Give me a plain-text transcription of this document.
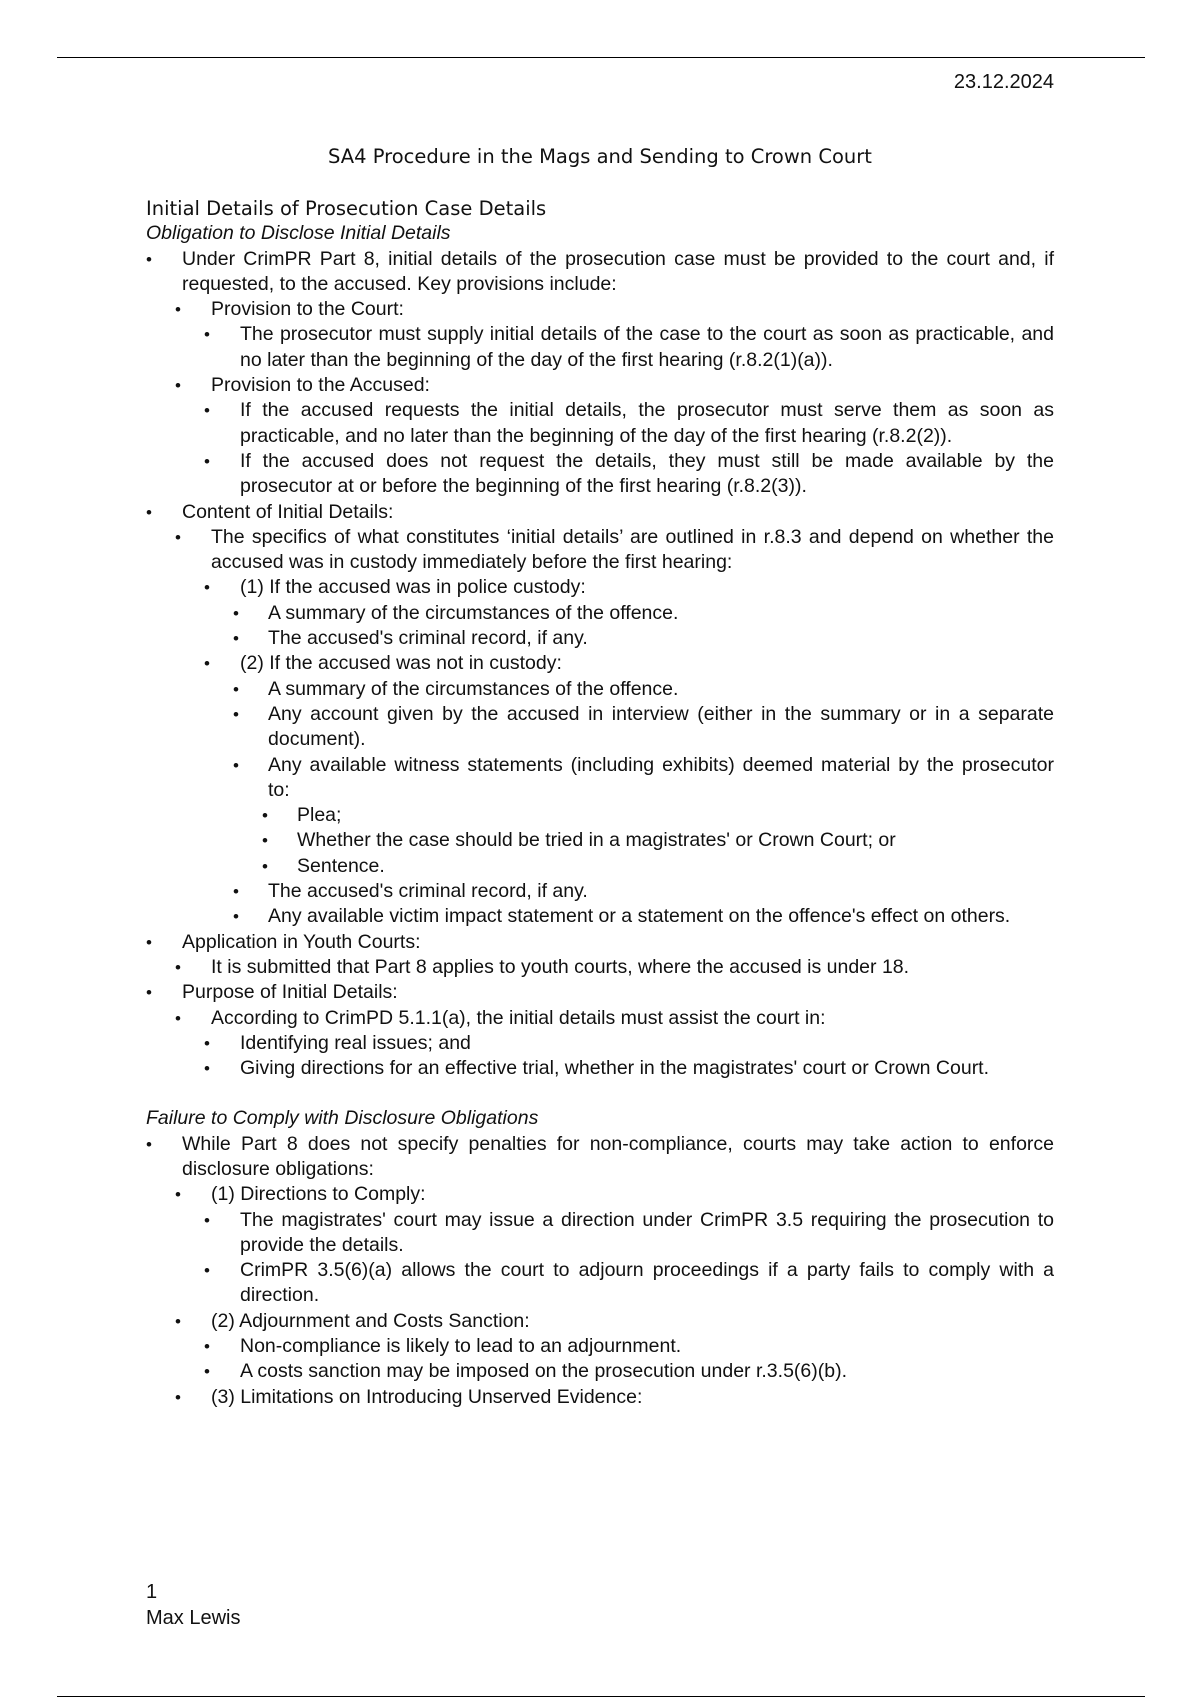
23.12.2024
SA4 Procedure in the Mags and Sending to Crown Court
Initial Details of Prosecution Case Details
Obligation to Disclose Initial Details
• Under CrimPR Part 8, initial details of the prosecution case must be provided to the court and, if requested, to the accused. Key provisions include:
• Provision to the Court:
• The prosecutor must supply initial details of the case to the court as soon as practicable, and no later than the beginning of the day of the first hearing (r.8.2(1)(a)).
• Provision to the Accused:
• If the accused requests the initial details, the prosecutor must serve them as soon as practicable, and no later than the beginning of the day of the first hearing (r.8.2(2)).
• If the accused does not request the details, they must still be made available by the prosecutor at or before the beginning of the first hearing (r.8.2(3)).
• Content of Initial Details:
• The specifics of what constitutes ‘initial details’ are outlined in r.8.3 and depend on whether the accused was in custody immediately before the first hearing:
• (1) If the accused was in police custody:
• A summary of the circumstances of the offence.
• The accused's criminal record, if any.
• (2) If the accused was not in custody:
• A summary of the circumstances of the offence.
• Any account given by the accused in interview (either in the summary or in a separate document).
• Any available witness statements (including exhibits) deemed material by the prosecutor to:
• Plea;
• Whether the case should be tried in a magistrates' or Crown Court; or
• Sentence.
• The accused's criminal record, if any.
• Any available victim impact statement or a statement on the offence's effect on others.
• Application in Youth Courts:
• It is submitted that Part 8 applies to youth courts, where the accused is under 18.
• Purpose of Initial Details:
• According to CrimPD 5.1.1(a), the initial details must assist the court in:
• Identifying real issues; and
• Giving directions for an effective trial, whether in the magistrates' court or Crown Court.
Failure to Comply with Disclosure Obligations
• While Part 8 does not specify penalties for non-compliance, courts may take action to enforce disclosure obligations:
• (1) Directions to Comply:
• The magistrates' court may issue a direction under CrimPR 3.5 requiring the prosecution to provide the details.
• CrimPR 3.5(6)(a) allows the court to adjourn proceedings if a party fails to comply with a direction.
• (2) Adjournment and Costs Sanction:
• Non-compliance is likely to lead to an adjournment.
• A costs sanction may be imposed on the prosecution under r.3.5(6)(b).
• (3) Limitations on Introducing Unserved Evidence:
1
Max Lewis
